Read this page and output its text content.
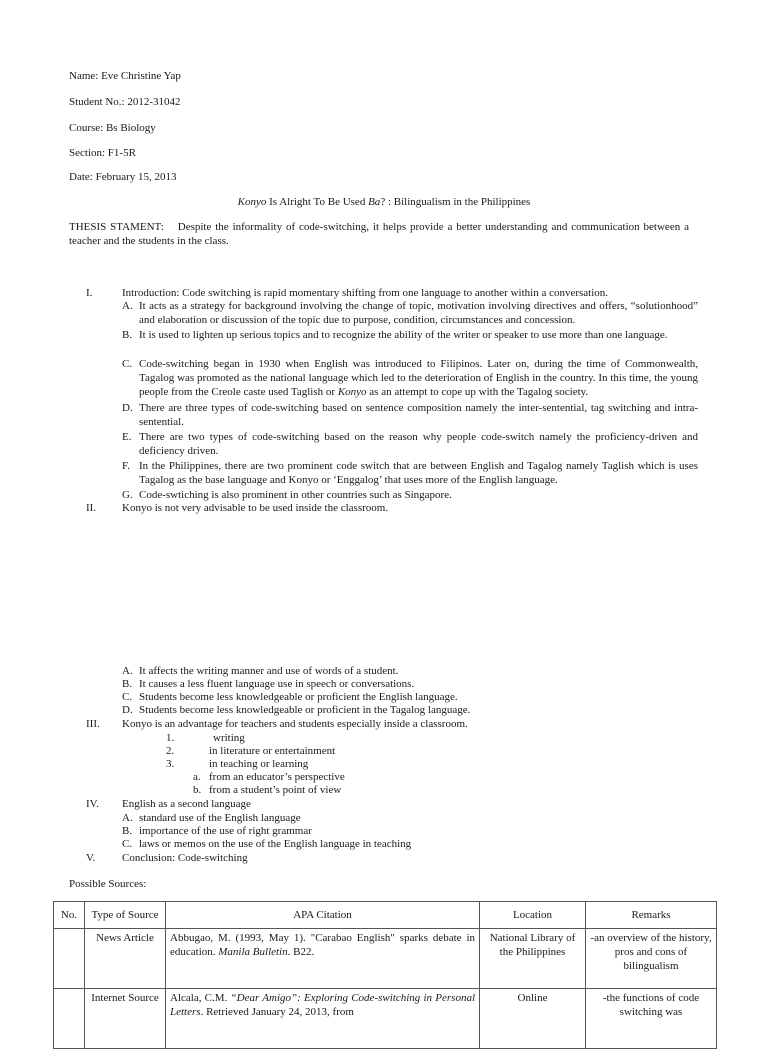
Name: Eve Christine Yap
Student No.: 2012-31042
Course: Bs Biology
Section: F1-5R
Date: February 15, 2013
Konyo Is Alright To Be Used Ba? : Bilingualism in the Philippines
THESIS STAMENT: Despite the informality of code-switching, it helps provide a better understanding and communication between a teacher and the students in the class.
I.	Introduction: Code switching is rapid momentary shifting from one language to another within a conversation.
A. It acts as a strategy for background involving the change of topic, motivation involving directives and offers, “solutionhood” and elaboration or discussion of the topic due to purpose, condition, circumstances and concession.
B. It is used to lighten up serious topics and to recognize the ability of the writer or speaker to use more than one language.
C. Code-switching began in 1930 when English was introduced to Filipinos. Later on, during the time of Commonwealth, Tagalog was promoted as the national language which led to the deterioration of English in the country. In this time, the young people from the Creole caste used Taglish or Konyo as an attempt to cope up with the Tagalog society.
D. There are three types of code-switching based on sentence composition namely the inter-sentential, tag switching and intra-sentential.
E. There are two types of code-switching based on the reason why people code-switch namely the proficiency-driven and deficiency driven.
F. In the Philippines, there are two prominent code switch that are between English and Tagalog namely Taglish which is uses Tagalog as the base language and Konyo or ‘Enggalog’ that uses more of the English language.
G. Code-swtiching is also prominent in other countries such as Singapore.
II. Konyo is not very advisable to be used inside the classroom.
A. It affects the writing manner and use of words of a student.
B. It causes a less fluent language use in speech or conversations.
C. Students become less knowledgeable or proficient the English language.
D. Students become less knowledgeable or proficient in the Tagalog language.
III. Konyo is an advantage for teachers and students especially inside a classroom.
1.	writing
2.	in literature or entertainment
3.	in teaching or learning
a. from an educator’s perspective
b. from a student’s point of view
IV. English as a second language
A. standard use of the English language
B. importance of the use of right grammar
C. laws or memos on the use of the English language in teaching
V. Conclusion: Code-switching
Possible Sources:
No.	Type of Source	APA Citation	Location	Remarks
	News Article	Abbugao, M. (1993, May 1). "Carabao English" sparks debate in education. Manila Bulletin. B22.	National Library of the Philippines	-an overview of the history, pros and cons of bilingualism
	Internet Source	Alcala, C.M. “Dear Amigo”: Exploring Code-switching in Personal Letters. Retrieved January 24, 2013, from	Online	-the functions of code switching was
